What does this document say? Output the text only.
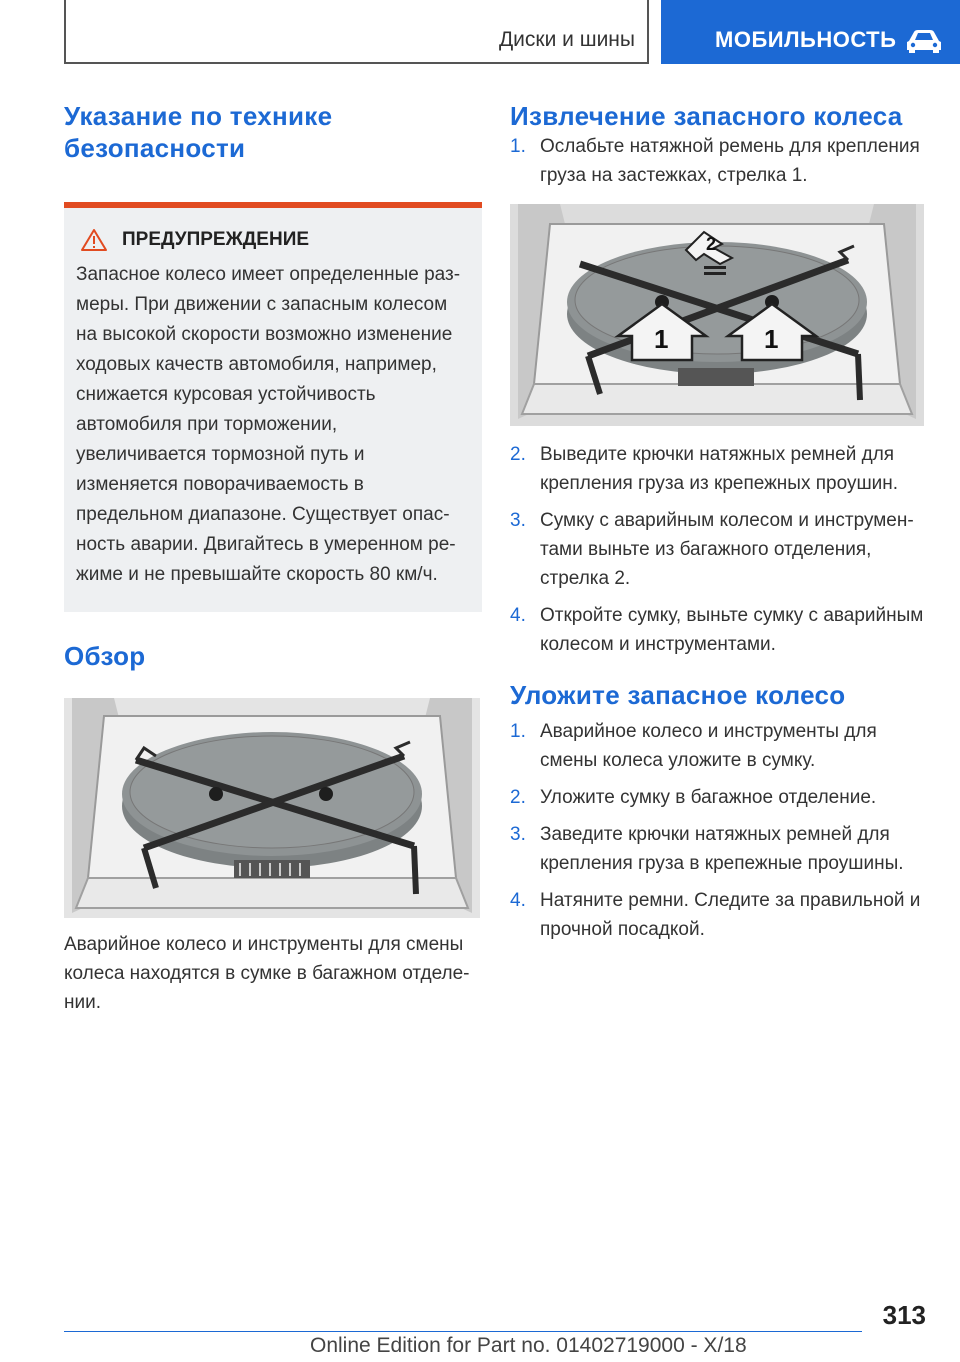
Диски и шины	МОБИЛЬНОСТЬ
Указание по технике безопасности
ПРЕДУПРЕЖДЕНИЕ
Запасное колесо имеет определенные размеры. При движении с запасным колесом на высокой скорости возможно изменение ходовых качеств автомобиля, например, снижается курсовая устойчивость автомобиля при торможении, увеличивается тормозной путь и изменяется поворачиваемость в предельном диапазоне. Существует опасность аварии. Двигайтесь в умеренном режиме и не превышайте скорость 80 км/ч.
Обзор
Аварийное колесо и инструменты для смены колеса находятся в сумке в багажном отделении.
Извлечение запасного колеса
1. Ослабьте натяжной ремень для крепления груза на застежках, стрелка 1.
1	1
2
2. Выведите крючки натяжных ремней для крепления груза из крепежных проушин.
3. Сумку с аварийным колесом и инструментами выньте из багажного отделения, стрелка 2.
4. Откройте сумку, выньте сумку с аварийным колесом и инструментами.
Уложите запасное колесо
1. Аварийное колесо и инструменты для смены колеса уложите в сумку.
2. Уложите сумку в багажное отделение.
3. Заведите крючки натяжных ремней для крепления груза в крепежные проушины.
4. Натяните ремни. Следите за правильной и прочной посадкой.
313
Online Edition for Part no. 01402719000 - X/18
